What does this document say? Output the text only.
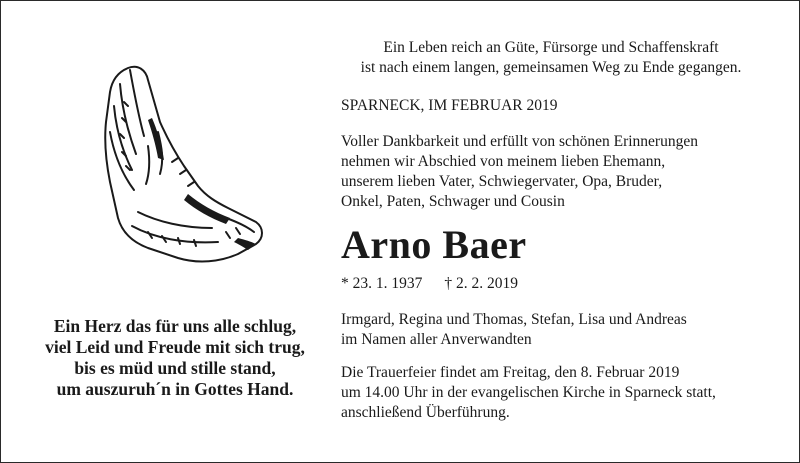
Ein Herz das für uns alle schlug,
viel Leid und Freude mit sich trug,
bis es müd und stille stand,
um auszuruh´n in Gottes Hand.
Ein Leben reich an Güte, Fürsorge und Schaffenskraft
ist nach einem langen, gemeinsamen Weg zu Ende gegangen.

SPARNECK, IM FEBRUAR 2019

Voller Dankbarkeit und erfüllt von schönen Erinnerungen
nehmen wir Abschied von meinem lieben Ehemann,
unserem lieben Vater, Schwiegervater, Opa, Bruder,
Onkel, Paten, Schwager und Cousin
Arno Baer
* 23. 1. 1937 † 2. 2. 2019
Irmgard, Regina und Thomas, Stefan, Lisa und Andreas
im Namen aller Anverwandten
Die Trauerfeier findet am Freitag, den 8. Februar 2019
um 14.00 Uhr in der evangelischen Kirche in Sparneck statt,
anschließend Überführung.
